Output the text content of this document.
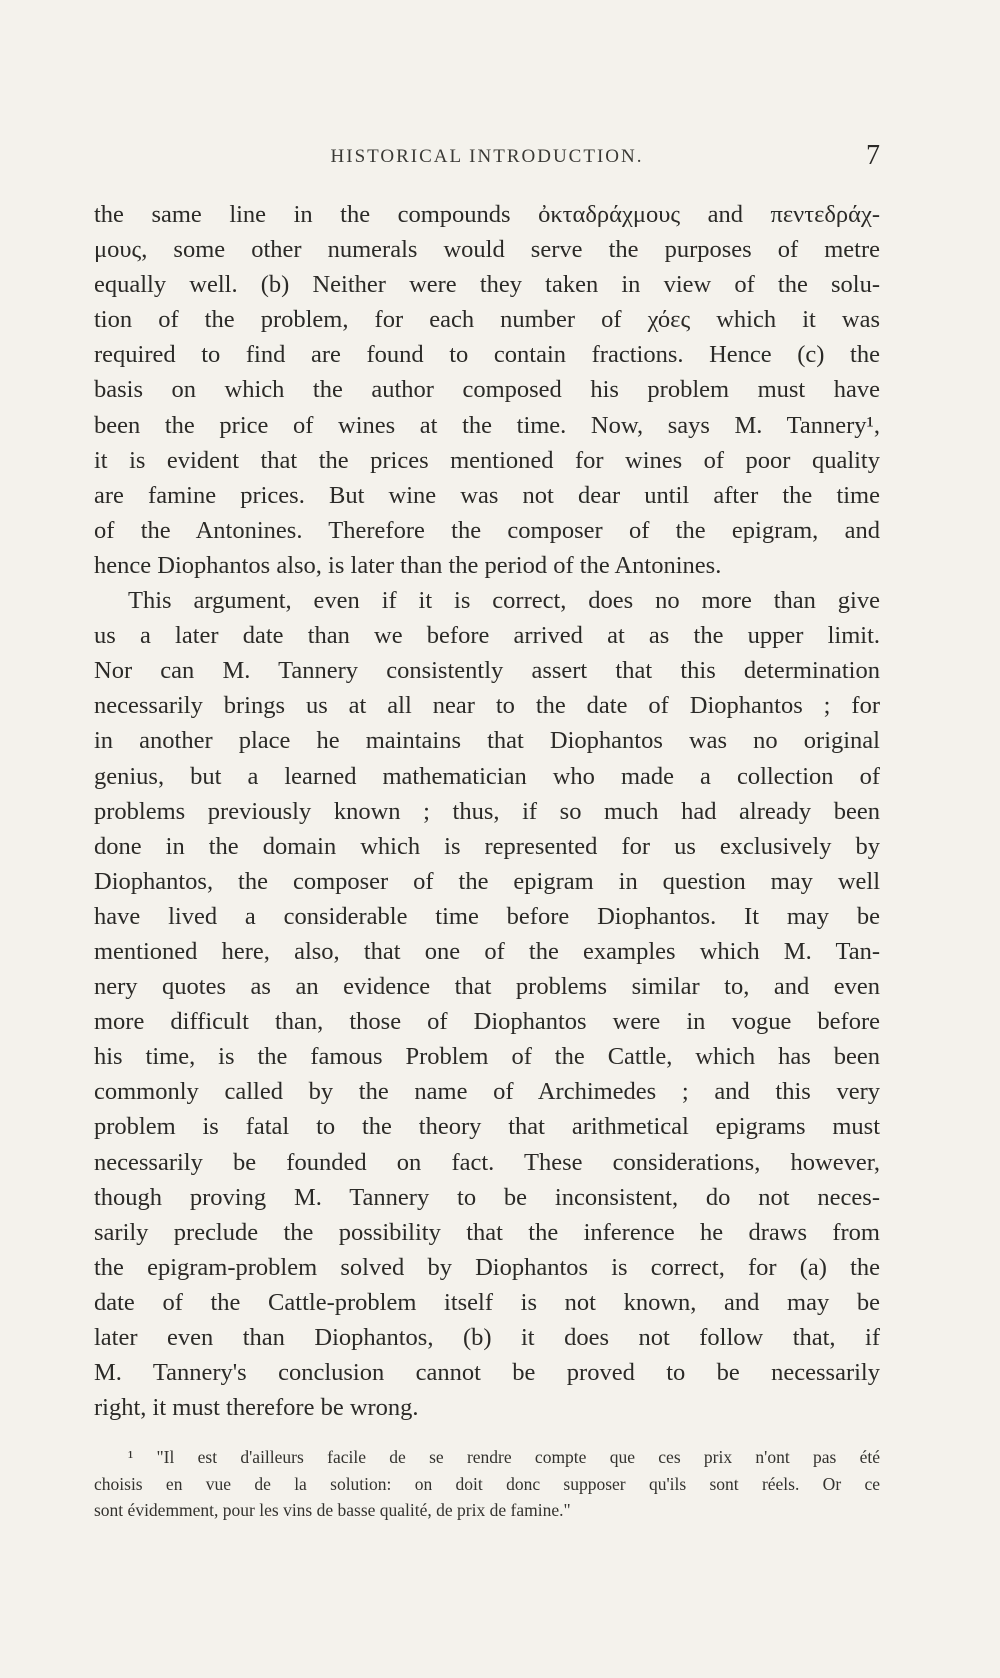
HISTORICAL INTRODUCTION.	7
the same line in the compounds ὀκταδράχμους and πεντεδράχ-
μους, some other numerals would serve the purposes of metre
equally well. (b) Neither were they taken in view of the solu-
tion of the problem, for each number of χόες which it was
required to find are found to contain fractions. Hence (c) the
basis on which the author composed his problem must have
been the price of wines at the time. Now, says M. Tannery¹,
it is evident that the prices mentioned for wines of poor quality
are famine prices. But wine was not dear until after the time
of the Antonines. Therefore the composer of the epigram, and
hence Diophantos also, is later than the period of the Antonines.
This argument, even if it is correct, does no more than give
us a later date than we before arrived at as the upper limit.
Nor can M. Tannery consistently assert that this determination
necessarily brings us at all near to the date of Diophantos ; for
in another place he maintains that Diophantos was no original
genius, but a learned mathematician who made a collection of
problems previously known ; thus, if so much had already been
done in the domain which is represented for us exclusively by
Diophantos, the composer of the epigram in question may well
have lived a considerable time before Diophantos. It may be
mentioned here, also, that one of the examples which M. Tan-
nery quotes as an evidence that problems similar to, and even
more difficult than, those of Diophantos were in vogue before
his time, is the famous Problem of the Cattle, which has been
commonly called by the name of Archimedes ; and this very
problem is fatal to the theory that arithmetical epigrams must
necessarily be founded on fact. These considerations, however,
though proving M. Tannery to be inconsistent, do not neces-
sarily preclude the possibility that the inference he draws from
the epigram-problem solved by Diophantos is correct, for (a) the
date of the Cattle-problem itself is not known, and may be
later even than Diophantos, (b) it does not follow that, if
M. Tannery's conclusion cannot be proved to be necessarily
right, it must therefore be wrong.
¹ "Il est d'ailleurs facile de se rendre compte que ces prix n'ont pas été
choisis en vue de la solution: on doit donc supposer qu'ils sont réels. Or ce
sont évidemment, pour les vins de basse qualité, de prix de famine."
